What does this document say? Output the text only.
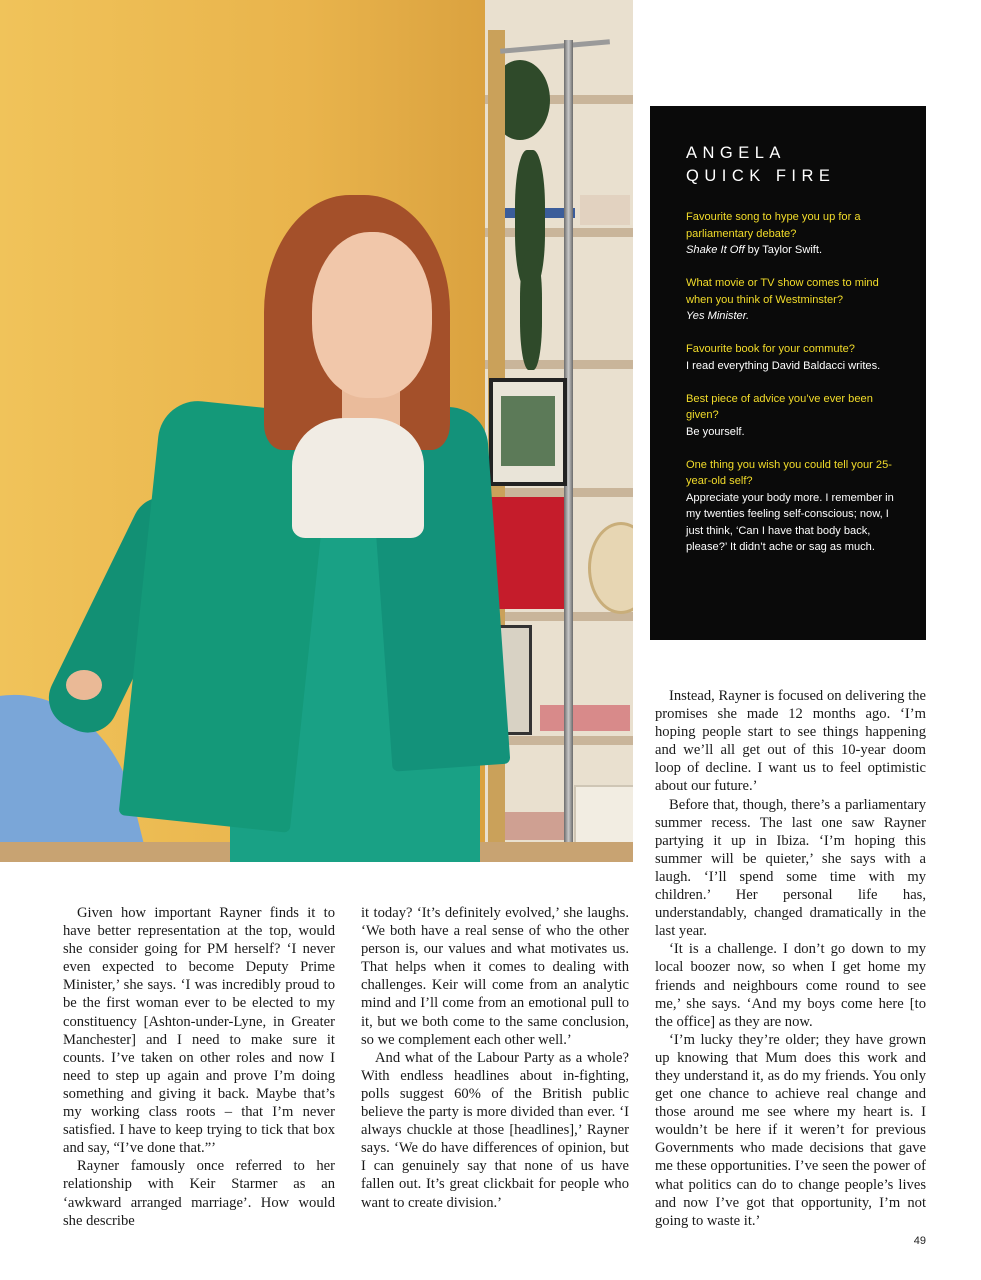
ANGELA
QUICK FIRE
Favourite song to hype you up for a parliamentary debate?
Shake It Off by Taylor Swift.
What movie or TV show comes to mind when you think of Westminster?
Yes Minister.
Favourite book for your commute?
I read everything David Baldacci writes.
Best piece of advice you’ve ever been given?
Be yourself.
One thing you wish you could tell your 25-year-old self?
Appreciate your body more. I remember in my twenties feeling self-conscious; now, I just think, ‘Can I have that body back, please?’ It didn’t ache or sag as much.

Given how important Rayner finds it to have better representation at the top, would she consider going for PM herself? ‘I never even expected to become Deputy Prime Minister,’ she says. ‘I was incredibly proud to be the first woman ever to be elected to my constituency [Ashton-under-Lyne, in Greater Manchester] and I need to make sure it counts. I’ve taken on other roles and now I need to step up again and prove I’m doing something and giving it back. Maybe that’s my working class roots – that I’m never satisfied. I have to keep trying to tick that box and say, “I’ve done that.”’

Rayner famously once referred to her relationship with Keir Starmer as an ‘awkward arranged marriage’. How would she describe

it today? ‘It’s definitely evolved,’ she laughs. ‘We both have a real sense of who the other person is, our values and what motivates us. That helps when it comes to dealing with challenges. Keir will come from an analytic mind and I’ll come from an emotional pull to it, but we both come to the same conclusion, so we complement each other well.’

And what of the Labour Party as a whole? With endless headlines about in-fighting, polls suggest 60% of the British public believe the party is more divided than ever. ‘I always chuckle at those [headlines],’ Rayner says. ‘We do have differences of opinion, but I can genuinely say that none of us have fallen out. It’s great clickbait for people who want to create division.’

Instead, Rayner is focused on delivering the promises she made 12 months ago. ‘I’m hoping people start to see things happening and we’ll all get out of this 10-year doom loop of decline. I want us to feel optimistic about our future.’

Before that, though, there’s a parliamentary summer recess. The last one saw Rayner partying it up in Ibiza. ‘I’m hoping this summer will be quieter,’ she says with a laugh. ‘I’ll spend some time with my children.’ Her personal life has, understandably, changed dramatically in the last year.

‘It is a challenge. I don’t go down to my local boozer now, so when I get home my friends and neighbours come round to see me,’ she says. ‘And my boys come here [to the office] as they are now.

‘I’m lucky they’re older; they have grown up knowing that Mum does this work and they understand it, as do my friends. You only get one chance to achieve real change and those around me see where my heart is. I wouldn’t be here if it weren’t for previous Governments who made decisions that gave me these opportunities. I’ve seen the power of what politics can do to change people’s lives and now I’ve got that opportunity, I’m not going to waste it.’

49
